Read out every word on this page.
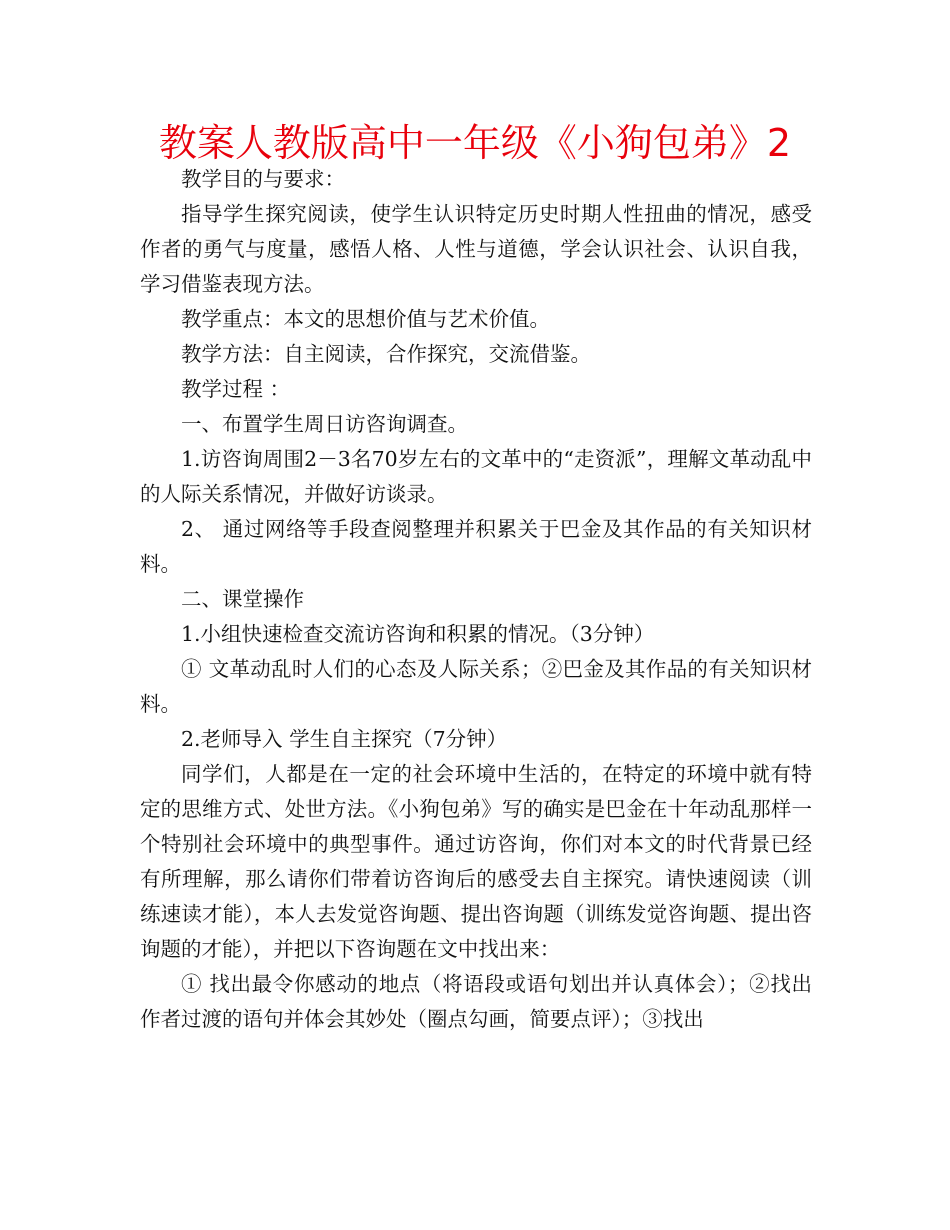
教案人教版高中一年级《小狗包弟》2

教学目的与要求：

指导学生探究阅读，使学生认识特定历史时期人性扭曲的情况，感受作者的勇气与度量，感悟人格、人性与道德，学会认识社会、认识自我，学习借鉴表现方法。

教学重点：本文的思想价值与艺术价值。

教学方法：自主阅读，合作探究，交流借鉴。

教学过程 ：

一、布置学生周日访咨询调查。

1.访咨询周围2－3名70岁左右的文革中的“走资派”，理解文革动乱中的人际关系情况，并做好访谈录。

2、 通过网络等手段查阅整理并积累关于巴金及其作品的有关知识材料。

二、课堂操作

1.小组快速检查交流访咨询和积累的情况。（3分钟）

① 文革动乱时人们的心态及人际关系；②巴金及其作品的有关知识材料。

2.老师导入 学生自主探究（7分钟）

同学们，人都是在一定的社会环境中生活的，在特定的环境中就有特定的思维方式、处世方法。《小狗包弟》写的确实是巴金在十年动乱那样一个特别社会环境中的典型事件。通过访咨询，你们对本文的时代背景已经有所理解，那么请你们带着访咨询后的感受去自主探究。请快速阅读（训练速读才能），本人去发觉咨询题、提出咨询题（训练发觉咨询题、提出咨询题的才能），并把以下咨询题在文中找出来：

① 找出最令你感动的地点（将语段或语句划出并认真体会）；②找出作者过渡的语句并体会其妙处（圈点勾画，简要点评）；③找出
